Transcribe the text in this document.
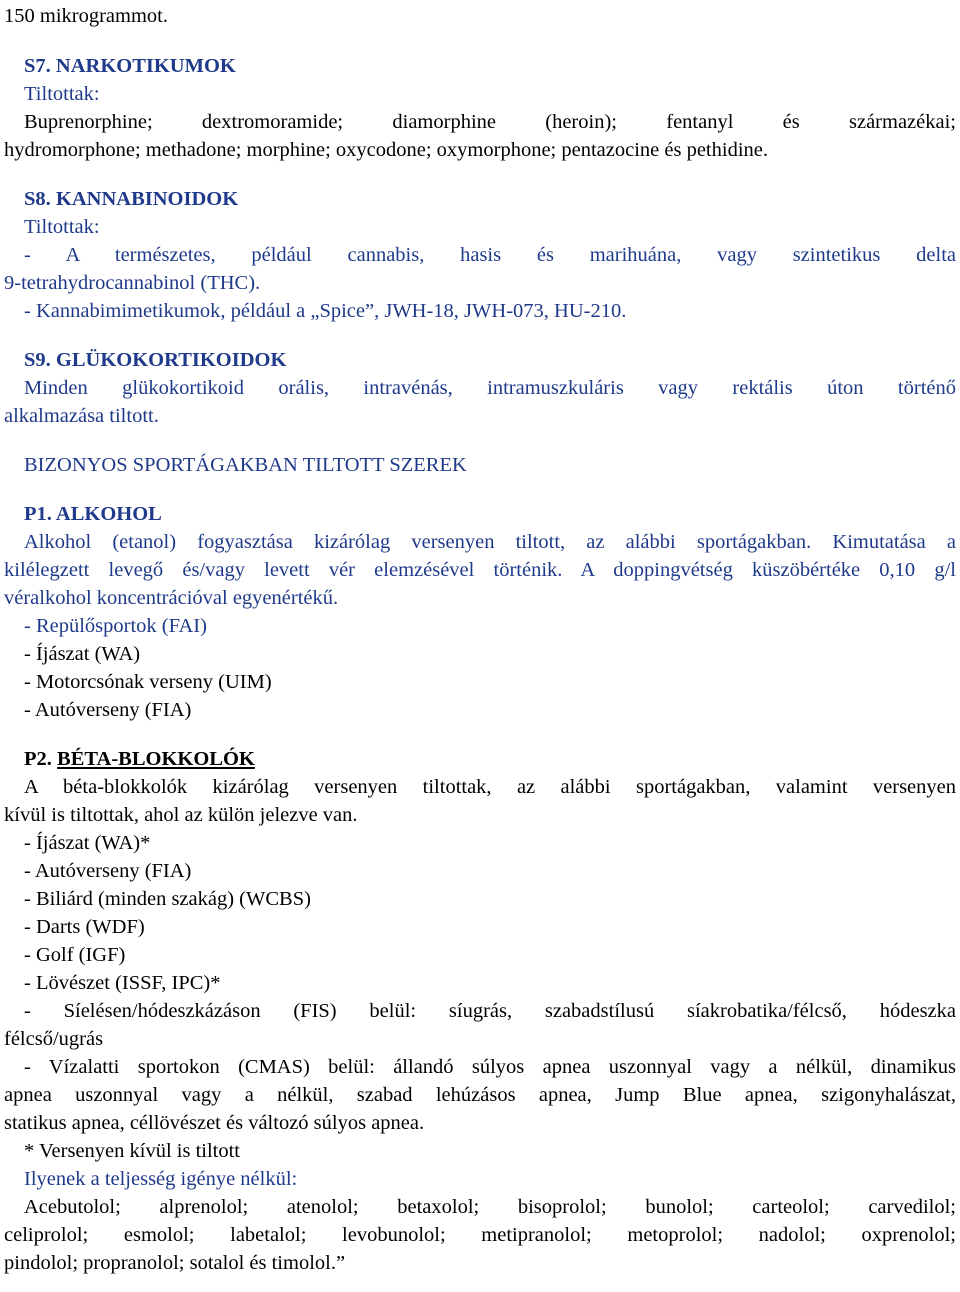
150 mikrogrammot.
S7. NARKOTIKUMOK
Tiltottak:
Buprenorphine; dextromoramide; diamorphine (heroin); fentanyl és származékai;
hydromorphone; methadone; morphine; oxycodone; oxymorphone; pentazocine és pethidine.
S8. KANNABINOIDOK
Tiltottak:
- A természetes, például cannabis, hasis és marihuána, vagy szintetikus delta
9-tetrahydrocannabinol (THC).
- Kannabimimetikumok, például a „Spice”, JWH-18, JWH-073, HU-210.
S9. GLÜKOKORTIKOIDOK
Minden glükokortikoid orális, intravénás, intramuszkuláris vagy rektális úton történő
alkalmazása tiltott.
BIZONYOS SPORTÁGAKBAN TILTOTT SZEREK
P1. ALKOHOL
Alkohol (etanol) fogyasztása kizárólag versenyen tiltott, az alábbi sportágakban. Kimutatása a
kilélegzett levegő és/vagy levett vér elemzésével történik. A doppingvétség küszöbértéke 0,10 g/l
véralkohol koncentrációval egyenértékű.
- Repülősportok (FAI)
- Íjászat (WA)
- Motorcsónak verseny (UIM)
- Autóverseny (FIA)
P2. BÉTA-BLOKKOLÓK
A béta-blokkolók kizárólag versenyen tiltottak, az alábbi sportágakban, valamint versenyen
kívül is tiltottak, ahol az külön jelezve van.
- Íjászat (WA)*
- Autóverseny (FIA)
- Biliárd (minden szakág) (WCBS)
- Darts (WDF)
- Golf (IGF)
- Lövészet (ISSF, IPC)*
- Síelésen/hódeszkázáson (FIS) belül: síugrás, szabadstílusú síakrobatika/félcső, hódeszka
félcső/ugrás
- Vízalatti sportokon (CMAS) belül: állandó súlyos apnea uszonnyal vagy a nélkül, dinamikus
apnea uszonnyal vagy a nélkül, szabad lehúzásos apnea, Jump Blue apnea, szigonyhalászat,
statikus apnea, céllövészet és változó súlyos apnea.
* Versenyen kívül is tiltott
Ilyenek a teljesség igénye nélkül:
Acebutolol; alprenolol; atenolol; betaxolol; bisoprolol; bunolol; carteolol; carvedilol;
celiprolol; esmolol; labetalol; levobunolol; metipranolol; metoprolol; nadolol; oxprenolol;
pindolol; propranolol; sotalol és timolol.”
